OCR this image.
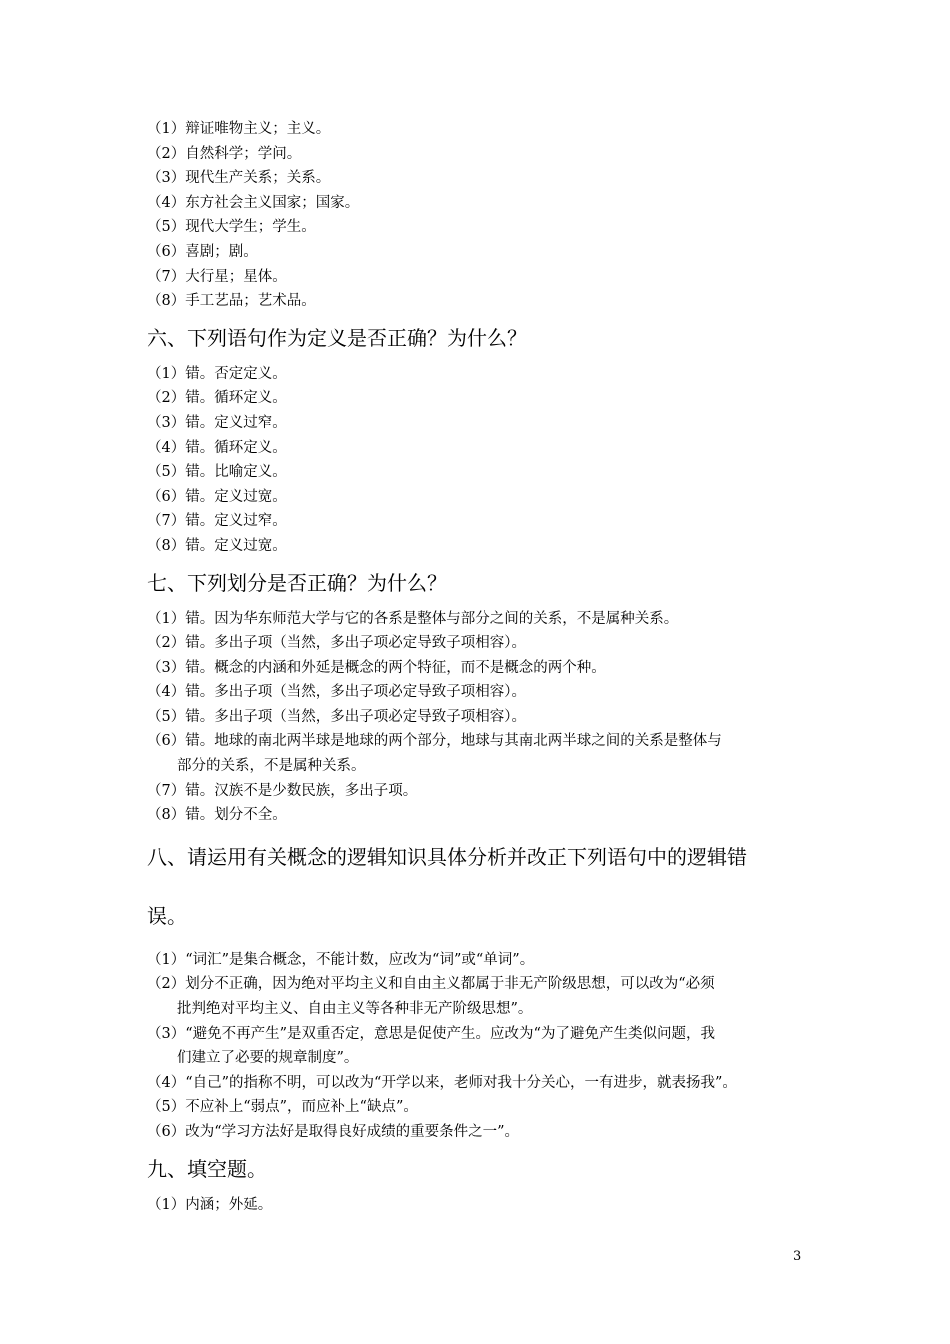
（1）辩证唯物主义；主义。
（2）自然科学；学问。
（3）现代生产关系；关系。
（4）东方社会主义国家；国家。
（5）现代大学生；学生。
（6）喜剧；剧。
（7）大行星；星体。
（8）手工艺品；艺术品。
六、下列语句作为定义是否正确？为什么？
（1）错。否定定义。
（2）错。循环定义。
（3）错。定义过窄。
（4）错。循环定义。
（5）错。比喻定义。
（6）错。定义过宽。
（7）错。定义过窄。
（8）错。定义过宽。
七、下列划分是否正确？为什么？
（1）错。因为华东师范大学与它的各系是整体与部分之间的关系，不是属种关系。
（2）错。多出子项（当然，多出子项必定导致子项相容）。
（3）错。概念的内涵和外延是概念的两个特征，而不是概念的两个种。
（4）错。多出子项（当然，多出子项必定导致子项相容）。
（5）错。多出子项（当然，多出子项必定导致子项相容）。
（6）错。地球的南北两半球是地球的两个部分，地球与其南北两半球之间的关系是整体与
部分的关系，不是属种关系。
（7）错。汉族不是少数民族，多出子项。
（8）错。划分不全。
八、请运用有关概念的逻辑知识具体分析并改正下列语句中的逻辑错
误。
（1）“词汇”是集合概念，不能计数，应改为“词”或“单词”。
（2）划分不正确，因为绝对平均主义和自由主义都属于非无产阶级思想，可以改为“必须
批判绝对平均主义、自由主义等各种非无产阶级思想”。
（3）“避免不再产生”是双重否定，意思是促使产生。应改为“为了避免产生类似问题，我
们建立了必要的规章制度”。
（4）“自己”的指称不明，可以改为“开学以来，老师对我十分关心，一有进步，就表扬我”。
（5）不应补上“弱点”，而应补上“缺点”。
（6）改为“学习方法好是取得良好成绩的重要条件之一”。
九、填空题。
（1）内涵；外延。
3
